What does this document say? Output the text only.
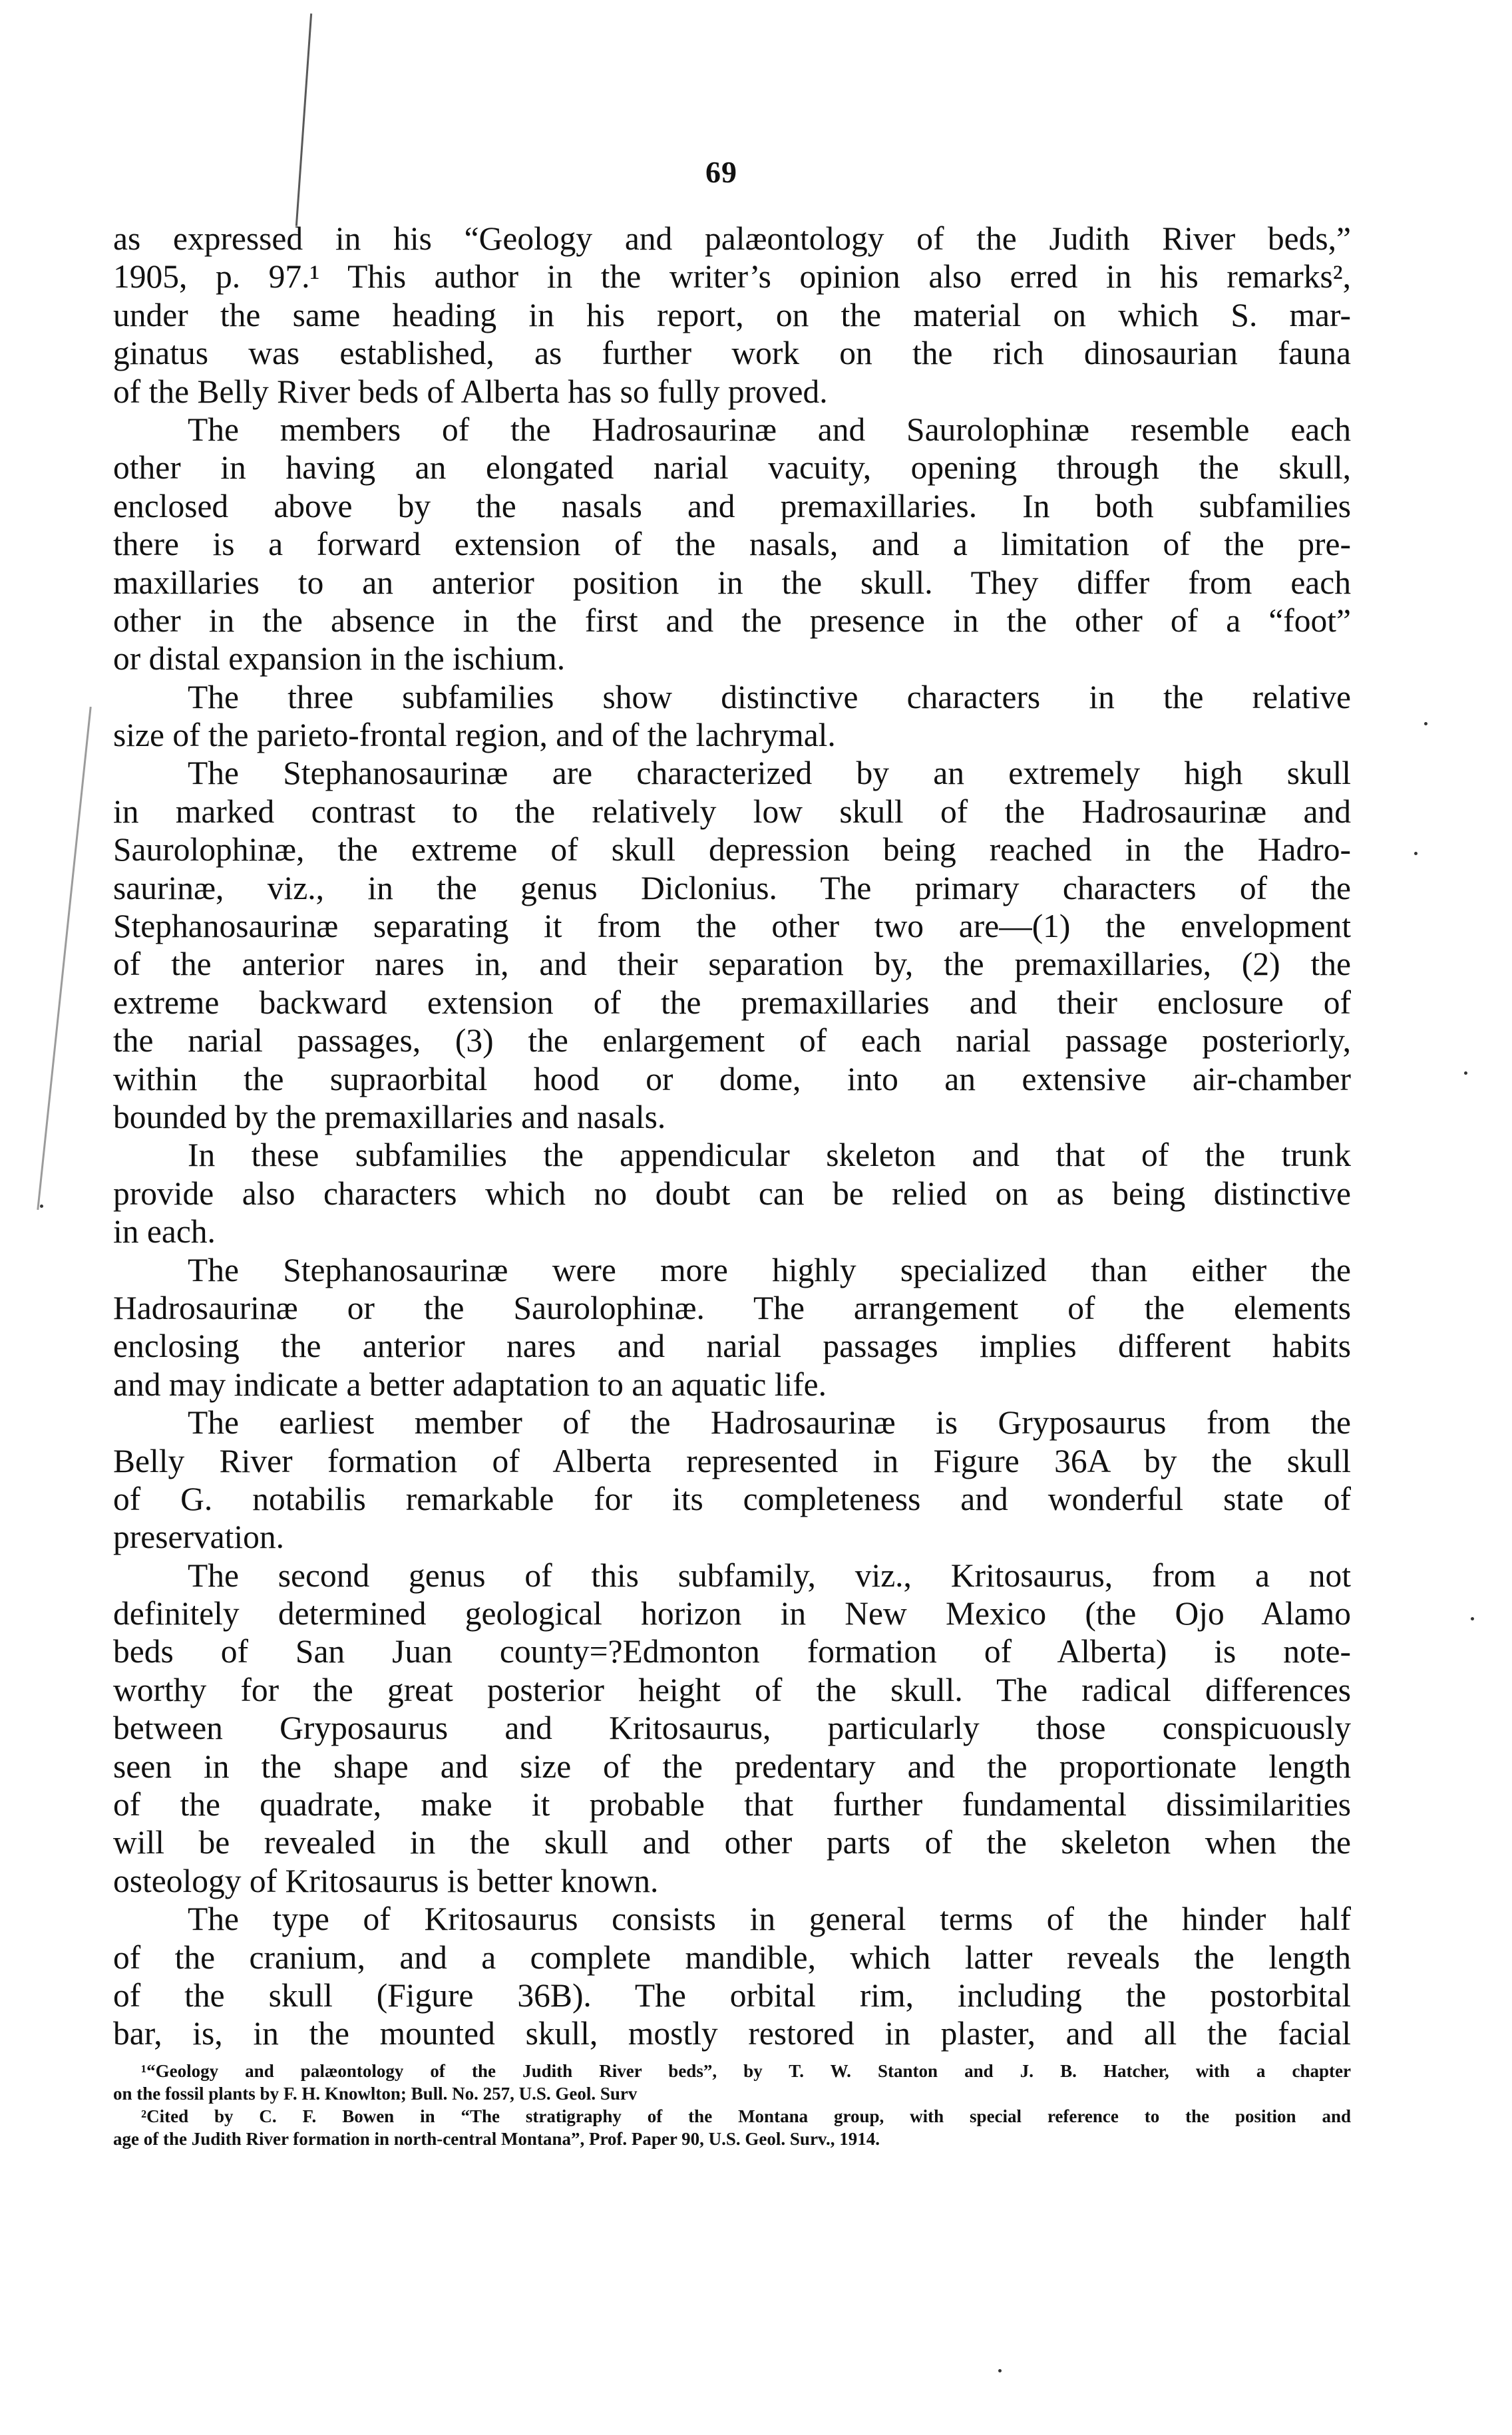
69
as expressed in his “Geology and palæontology of the Judith River beds,”
1905, p. 97.¹ This author in the writer’s opinion also erred in his remarks²,
under the same heading in his report, on the material on which S. mar-
ginatus was established, as further work on the rich dinosaurian fauna
of the Belly River beds of Alberta has so fully proved.
The members of the Hadrosaurinæ and Saurolophinæ resemble each
other in having an elongated narial vacuity, opening through the skull,
enclosed above by the nasals and premaxillaries. In both subfamilies
there is a forward extension of the nasals, and a limitation of the pre-
maxillaries to an anterior position in the skull. They differ from each
other in the absence in the first and the presence in the other of a “foot”
or distal expansion in the ischium.
The three subfamilies show distinctive characters in the relative
size of the parieto-frontal region, and of the lachrymal.
The Stephanosaurinæ are characterized by an extremely high skull
in marked contrast to the relatively low skull of the Hadrosaurinæ and
Saurolophinæ, the extreme of skull depression being reached in the Hadro-
saurinæ, viz., in the genus Diclonius. The primary characters of the
Stephanosaurinæ separating it from the other two are—(1) the envelopment
of the anterior nares in, and their separation by, the premaxillaries, (2) the
extreme backward extension of the premaxillaries and their enclosure of
the narial passages, (3) the enlargement of each narial passage posteriorly,
within the supraorbital hood or dome, into an extensive air-chamber
bounded by the premaxillaries and nasals.
In these subfamilies the appendicular skeleton and that of the trunk
provide also characters which no doubt can be relied on as being distinctive
in each.
The Stephanosaurinæ were more highly specialized than either the
Hadrosaurinæ or the Saurolophinæ. The arrangement of the elements
enclosing the anterior nares and narial passages implies different habits
and may indicate a better adaptation to an aquatic life.
The earliest member of the Hadrosaurinæ is Gryposaurus from the
Belly River formation of Alberta represented in Figure 36A by the skull
of G. notabilis remarkable for its completeness and wonderful state of
preservation.
The second genus of this subfamily, viz., Kritosaurus, from a not
definitely determined geological horizon in New Mexico (the Ojo Alamo
beds of San Juan county=?Edmonton formation of Alberta) is note-
worthy for the great posterior height of the skull. The radical differences
between Gryposaurus and Kritosaurus, particularly those conspicuously
seen in the shape and size of the predentary and the proportionate length
of the quadrate, make it probable that further fundamental dissimilarities
will be revealed in the skull and other parts of the skeleton when the
osteology of Kritosaurus is better known.
The type of Kritosaurus consists in general terms of the hinder half
of the cranium, and a complete mandible, which latter reveals the length
of the skull (Figure 36B). The orbital rim, including the postorbital
bar, is, in the mounted skull, mostly restored in plaster, and all the facial
¹“Geology and palæontology of the Judith River beds”, by T. W. Stanton and J. B. Hatcher, with a chapter
on the fossil plants by F. H. Knowlton; Bull. No. 257, U.S. Geol. Surv
²Cited by C. F. Bowen in “The stratigraphy of the Montana group, with special reference to the position and
age of the Judith River formation in north-central Montana”, Prof. Paper 90, U.S. Geol. Surv., 1914.
